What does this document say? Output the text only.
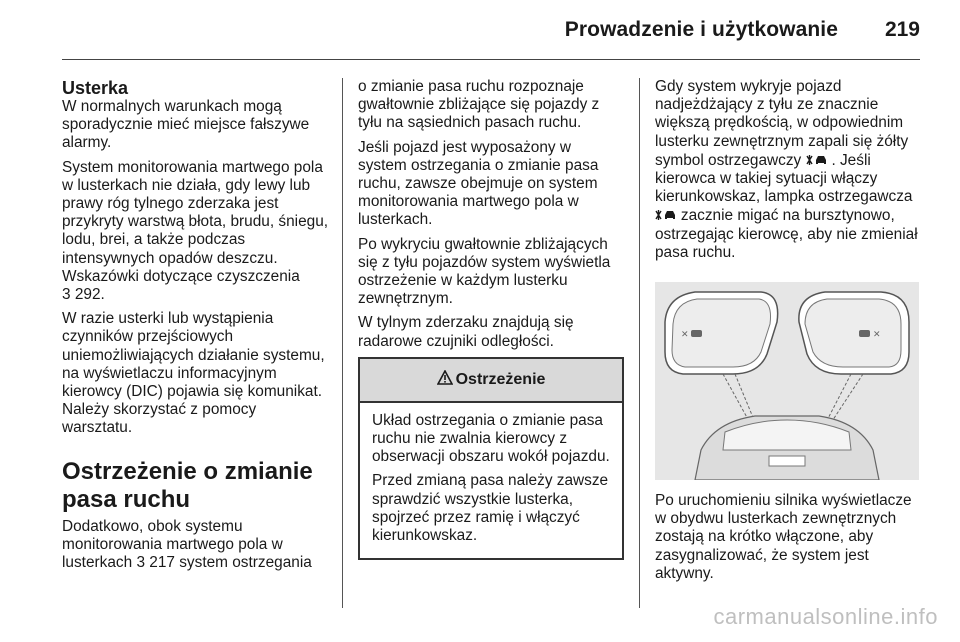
Prowadzenie i użytkowanie 219
Usterka

W normalnych warunkach mogą sporadycznie mieć miejsce fałszywe alarmy.

System monitorowania martwego pola w lusterkach nie działa, gdy lewy lub prawy róg tylnego zderzaka jest przykryty warstwą błota, brudu, śniegu, lodu, brei, a także podczas intensywnych opadów deszczu. Wskazówki dotyczące czyszczenia
3 292.

W razie usterki lub wystąpienia czynników przejściowych uniemożliwiających działanie systemu, na wyświetlaczu informacyjnym kierowcy (DIC) pojawia się komunikat. Należy skorzystać z pomocy warsztatu.

Ostrzeżenie o zmianie pasa ruchu

Dodatkowo, obok systemu monitorowania martwego pola w lusterkach 3 217 system ostrzegania

o zmianie pasa ruchu rozpoznaje gwałtownie zbliżające się pojazdy z tyłu na sąsiednich pasach ruchu.

Jeśli pojazd jest wyposażony w system ostrzegania o zmianie pasa ruchu, zawsze obejmuje on system monitorowania martwego pola w lusterkach.

Po wykryciu gwałtownie zbliżających się z tyłu pojazdów system wyświetla ostrzeżenie w każdym lusterku zewnętrznym.

W tylnym zderzaku znajdują się radarowe czujniki odległości.

Ostrzeżenie

Układ ostrzegania o zmianie pasa ruchu nie zwalnia kierowcy z obserwacji obszaru wokół pojazdu.

Przed zmianą pasa należy zawsze sprawdzić wszystkie lusterka, spojrzeć przez ramię i włączyć kierunkowskaz.

Gdy system wykryje pojazd nadjeżdżający z tyłu ze znacznie większą prędkością, w odpowiednim lusterku zewnętrznym zapali się żółty symbol ostrzegawczy . Jeśli kierowca w takiej sytuacji włączy kierunkowskaz, lampka ostrzegawcza  zacznie migać na bursztynowo, ostrzegając kierowcę, aby nie zmieniał pasa ruchu.

✕	✕

Po uruchomieniu silnika wyświetlacze w obydwu lusterkach zewnętrznych zostają na krótko włączone, aby zasygnalizować, że system jest aktywny.

carmanualsonline.info
